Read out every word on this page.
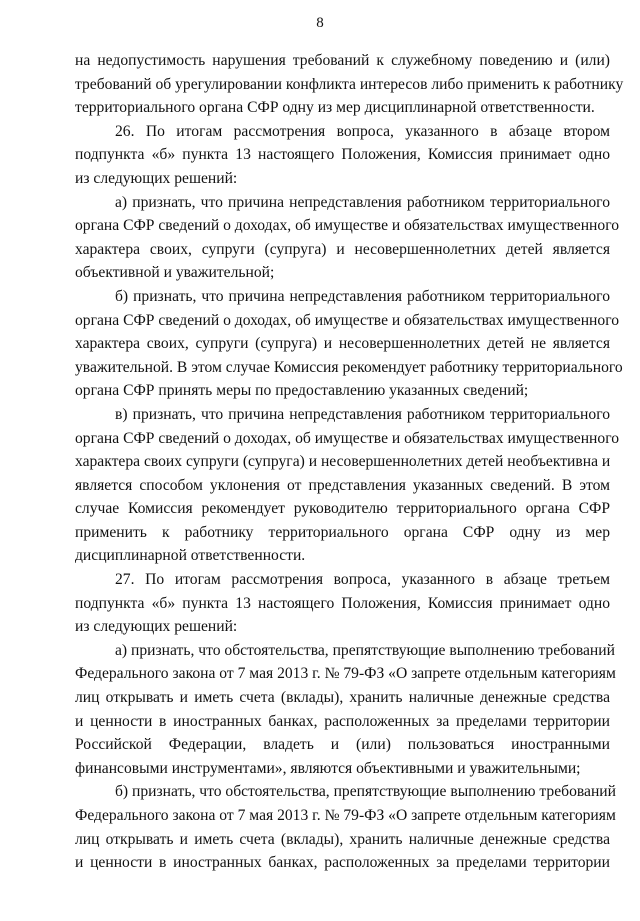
8
на недопустимость нарушения требований к служебному поведению и (или)
требований об урегулировании конфликта интересов либо применить к работнику
территориального органа СФР одну из мер дисциплинарной ответственности.
26. По итогам рассмотрения вопроса, указанного в абзаце втором
подпункта «б» пункта 13 настоящего Положения, Комиссия принимает одно
из следующих решений:
а) признать, что причина непредставления работником территориального
органа СФР сведений о доходах, об имуществе и обязательствах имущественного
характера своих, супруги (супруга) и несовершеннолетних детей является
объективной и уважительной;
б) признать, что причина непредставления работником территориального
органа СФР сведений о доходах, об имуществе и обязательствах имущественного
характера своих, супруги (супруга) и несовершеннолетних детей не является
уважительной. В этом случае Комиссия рекомендует работнику территориального
органа СФР принять меры по предоставлению указанных сведений;
в) признать, что причина непредставления работником территориального
органа СФР сведений о доходах, об имуществе и обязательствах имущественного
характера своих супруги (супруга) и несовершеннолетних детей необъективна и
является способом уклонения от представления указанных сведений. В этом
случае Комиссия рекомендует руководителю территориального органа СФР
применить к работнику территориального органа СФР одну из мер
дисциплинарной ответственности.
27. По итогам рассмотрения вопроса, указанного в абзаце третьем
подпункта «б» пункта 13 настоящего Положения, Комиссия принимает одно
из следующих решений:
а) признать, что обстоятельства, препятствующие выполнению требований
Федерального закона от 7 мая 2013 г. № 79-ФЗ «О запрете отдельным категориям
лиц открывать и иметь счета (вклады), хранить наличные денежные средства
и ценности в иностранных банках, расположенных за пределами территории
Российской Федерации, владеть и (или) пользоваться иностранными
финансовыми инструментами», являются объективными и уважительными;
б) признать, что обстоятельства, препятствующие выполнению требований
Федерального закона от 7 мая 2013 г. № 79-ФЗ «О запрете отдельным категориям
лиц открывать и иметь счета (вклады), хранить наличные денежные средства
и ценности в иностранных банках, расположенных за пределами территории
